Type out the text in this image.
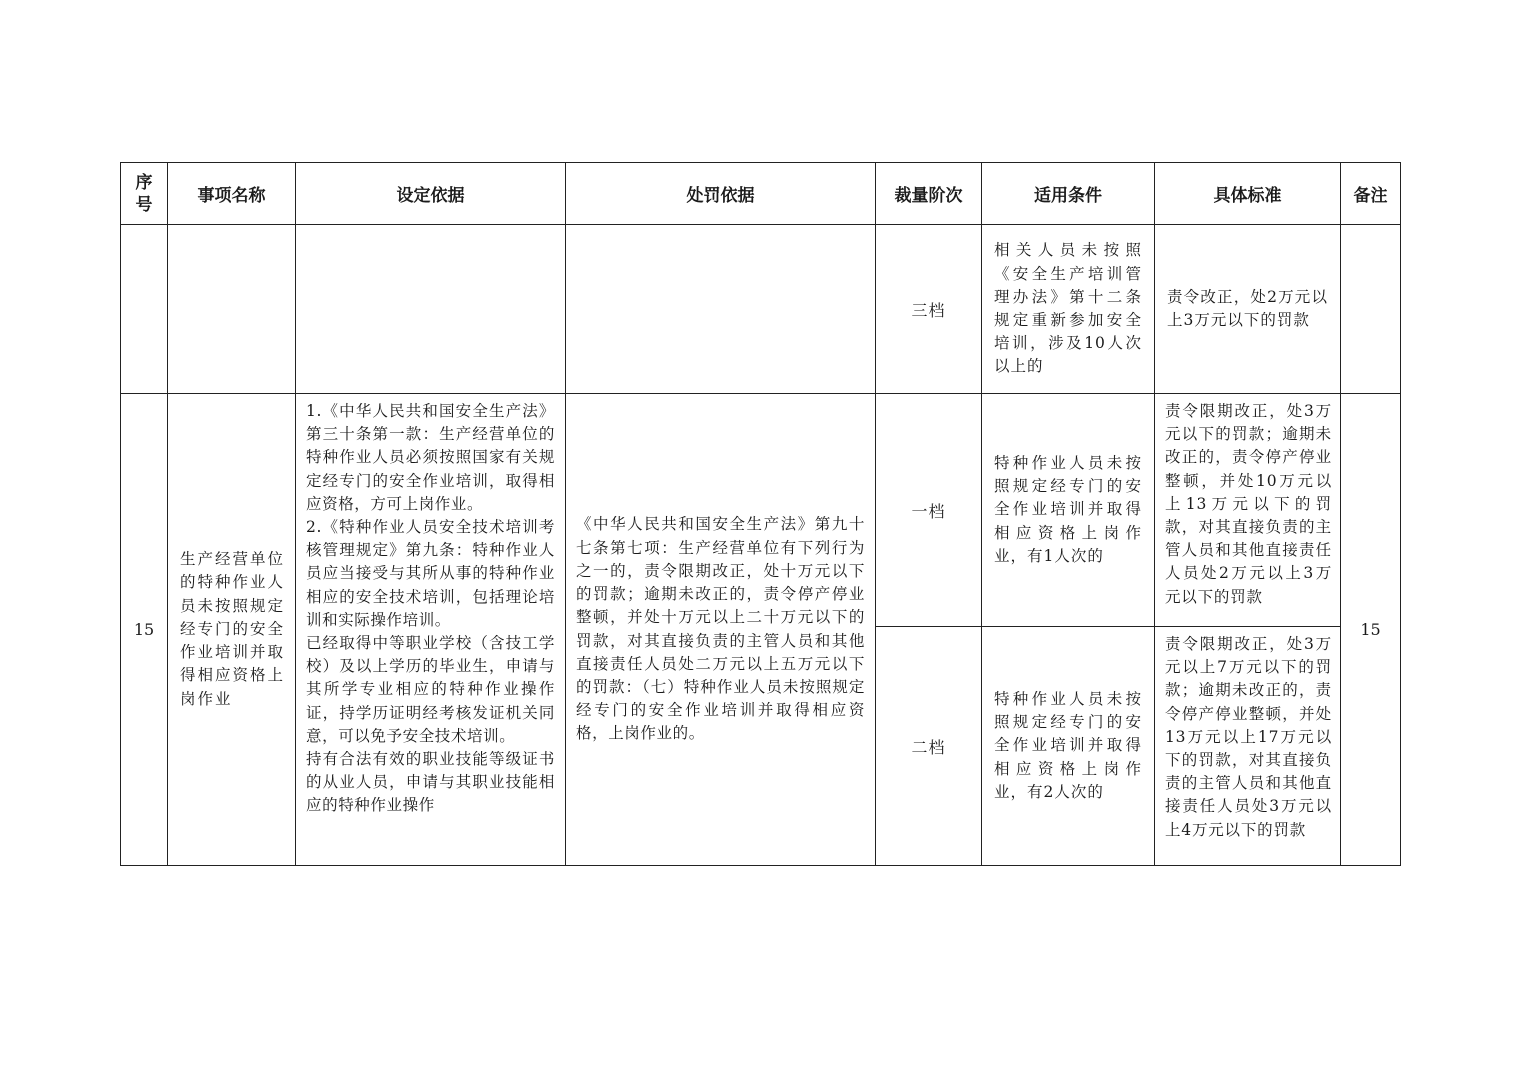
序
号	事项名称	设定依据	处罚依据	裁量阶次	适用条件	具体标准	备注

				三档	相关人员未按照《安全生产培训管理办法》第十二条规定重新参加安全培训，涉及10人次以上的	责令改正，处2万元以上3万元以下的罚款	

15	生产经营单位的特种作业人员未按照规定经专门的安全作业培训并取得相应资格上岗作业	1.《中华人民共和国安全生产法》第三十条第一款：生产经营单位的特种作业人员必须按照国家有关规定经专门的安全作业培训，取得相应资格，方可上岗作业。
2.《特种作业人员安全技术培训考核管理规定》第九条：特种作业人员应当接受与其所从事的特种作业相应的安全技术培训，包括理论培训和实际操作培训。
已经取得中等职业学校（含技工学校）及以上学历的毕业生，申请与其所学专业相应的特种作业操作证，持学历证明经考核发证机关同意，可以免予安全技术培训。
持有合法有效的职业技能等级证书的从业人员，申请与其职业技能相应的特种作业操作	《中华人民共和国安全生产法》第九十七条第七项：生产经营单位有下列行为之一的，责令限期改正，处十万元以下的罚款；逾期未改正的，责令停产停业整顿，并处十万元以上二十万元以下的罚款，对其直接负责的主管人员和其他直接责任人员处二万元以上五万元以下的罚款：（七）特种作业人员未按照规定经专门的安全作业培训并取得相应资格，上岗作业的。	一档	特种作业人员未按照规定经专门的安全作业培训并取得相应资格上岗作业，有1人次的	责令限期改正，处3万元以下的罚款；逾期未改正的，责令停产停业整顿，并处10万元以上13万元以下的罚款，对其直接负责的主管人员和其他直接责任人员处2万元以上3万元以下的罚款	15

				二档	特种作业人员未按照规定经专门的安全作业培训并取得相应资格上岗作业，有2人次的	责令限期改正，处3万元以上7万元以下的罚款；逾期未改正的，责令停产停业整顿，并处13万元以上17万元以下的罚款，对其直接负责的主管人员和其他直接责任人员处3万元以上4万元以下的罚款	
